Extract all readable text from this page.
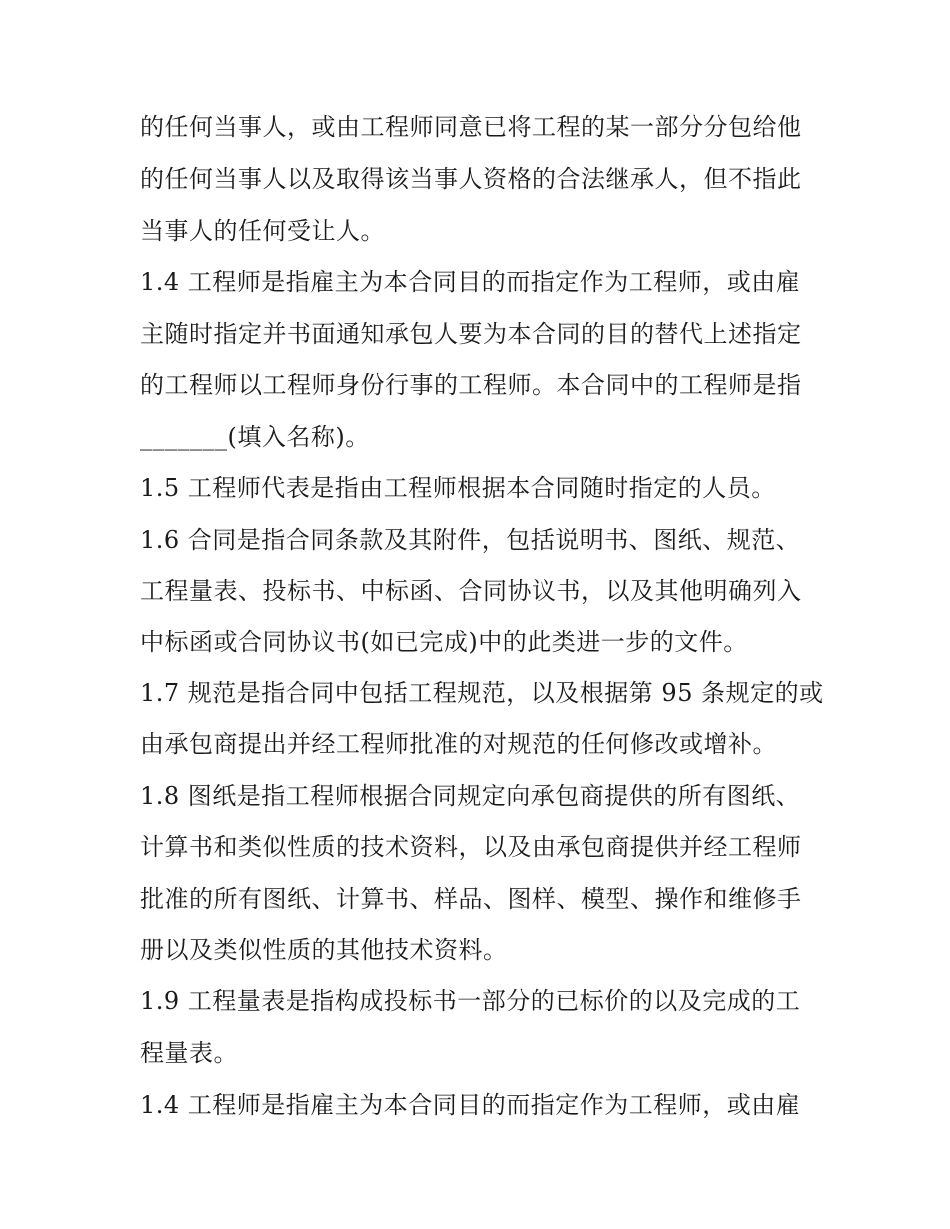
的任何当事人，或由工程师同意已将工程的某一部分分包给他
的任何当事人以及取得该当事人资格的合法继承人，但不指此
当事人的任何受让人。
1.4 工程师是指雇主为本合同目的而指定作为工程师，或由雇
主随时指定并书面通知承包人要为本合同的目的替代上述指定
的工程师以工程师身份行事的工程师。本合同中的工程师是指
_______(填入名称)。
1.5 工程师代表是指由工程师根据本合同随时指定的人员。
1.6 合同是指合同条款及其附件，包括说明书、图纸、规范、
工程量表、投标书、中标函、合同协议书，以及其他明确列入
中标函或合同协议书(如已完成)中的此类进一步的文件。
1.7 规范是指合同中包括工程规范，以及根据第 95 条规定的或
由承包商提出并经工程师批准的对规范的任何修改或增补。
1.8 图纸是指工程师根据合同规定向承包商提供的所有图纸、
计算书和类似性质的技术资料，以及由承包商提供并经工程师
批准的所有图纸、计算书、样品、图样、模型、操作和维修手
册以及类似性质的其他技术资料。
1.9 工程量表是指构成投标书一部分的已标价的以及完成的工
程量表。
1.4 工程师是指雇主为本合同目的而指定作为工程师，或由雇
